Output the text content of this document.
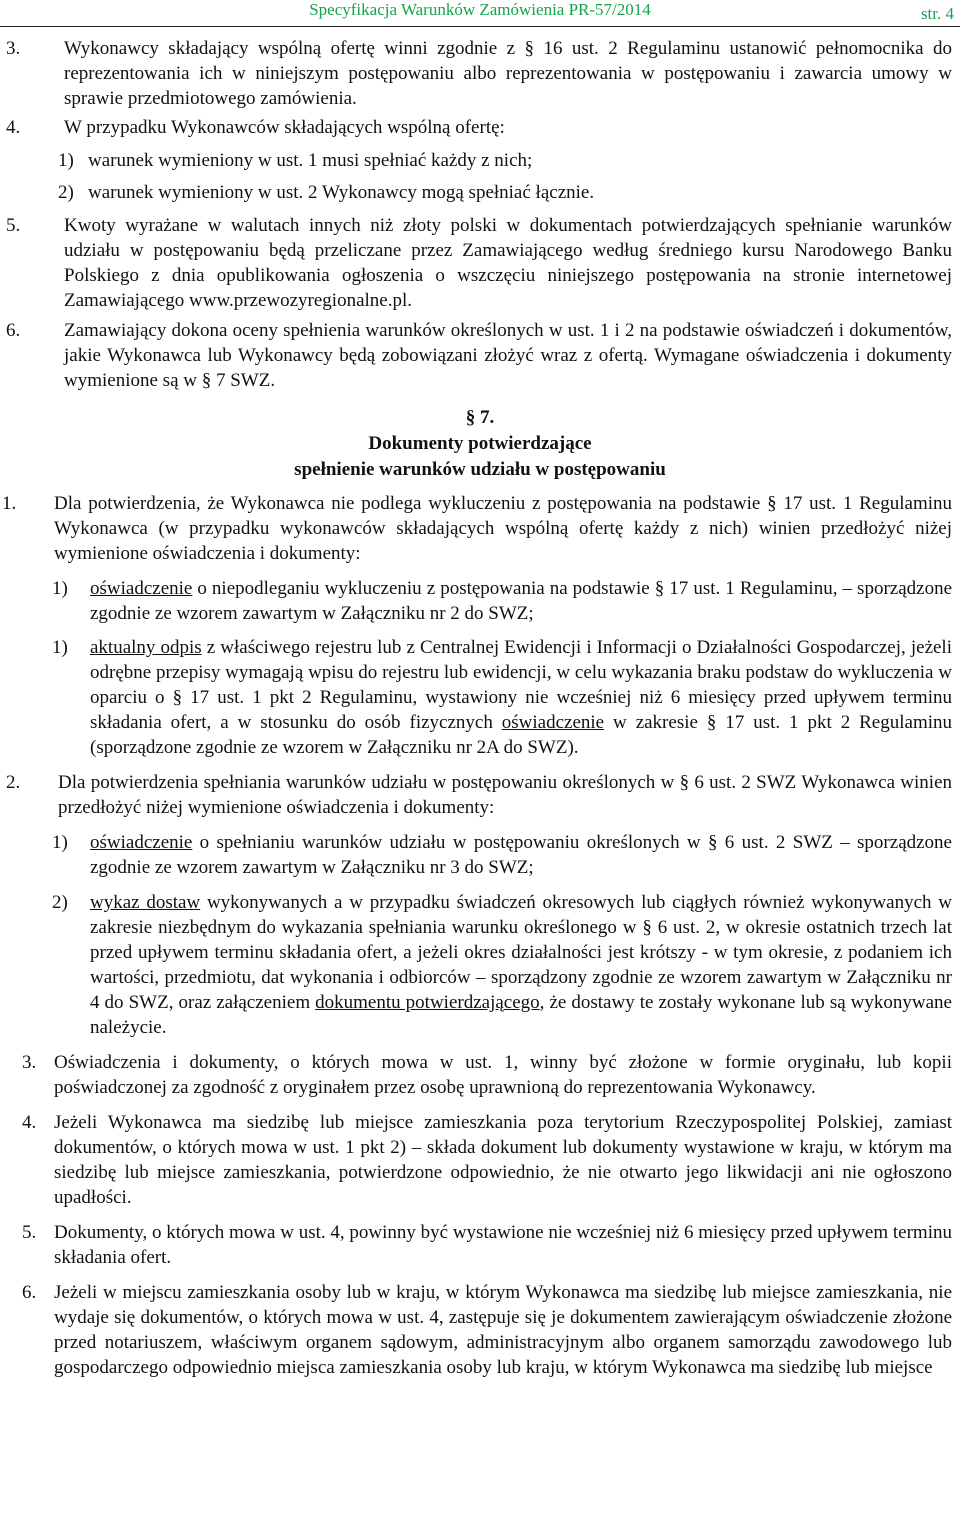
Specyfikacja Warunków Zamówienia PR-57/2014	str. 4
3. Wykonawcy składający wspólną ofertę winni zgodnie z § 16 ust. 2 Regulaminu ustanowić pełnomocnika do reprezentowania ich w niniejszym postępowaniu albo reprezentowania w postępowaniu i zawarcia umowy w sprawie przedmiotowego zamówienia.
4. W przypadku Wykonawców składających wspólną ofertę:
1) warunek wymieniony w ust. 1 musi spełniać każdy z nich;
2) warunek wymieniony w ust. 2 Wykonawcy mogą spełniać łącznie.
5. Kwoty wyrażane w walutach innych niż złoty polski w dokumentach potwierdzających spełnianie warunków udziału w postępowaniu będą przeliczane przez Zamawiającego według średniego kursu Narodowego Banku Polskiego z dnia opublikowania ogłoszenia o wszczęciu niniejszego postępowania na stronie internetowej Zamawiającego www.przewozyregionalne.pl.
6. Zamawiający dokona oceny spełnienia warunków określonych w ust. 1 i 2 na podstawie oświadczeń i dokumentów, jakie Wykonawca lub Wykonawcy będą zobowiązani złożyć wraz z ofertą. Wymagane oświadczenia i dokumenty wymienione są w § 7 SWZ.
§ 7.
Dokumenty potwierdzające
spełnienie warunków udziału w postępowaniu
1. Dla potwierdzenia, że Wykonawca nie podlega wykluczeniu z postępowania na podstawie § 17 ust. 1 Regulaminu Wykonawca (w przypadku wykonawców składających wspólną ofertę każdy z nich) winien przedłożyć niżej wymienione oświadczenia i dokumenty:
1) oświadczenie o niepodleganiu wykluczeniu z postępowania na podstawie § 17 ust. 1 Regulaminu, – sporządzone zgodnie ze wzorem zawartym w Załączniku nr 2 do SWZ;
1) aktualny odpis z właściwego rejestru lub z Centralnej Ewidencji i Informacji o Działalności Gospodarczej, jeżeli odrębne przepisy wymagają wpisu do rejestru lub ewidencji, w celu wykazania braku podstaw do wykluczenia w oparciu o § 17 ust. 1 pkt 2 Regulaminu, wystawiony nie wcześniej niż 6 miesięcy przed upływem terminu składania ofert, a w stosunku do osób fizycznych oświadczenie w zakresie § 17 ust. 1 pkt 2 Regulaminu (sporządzone zgodnie ze wzorem w Załączniku nr 2A do SWZ).
2. Dla potwierdzenia spełniania warunków udziału w postępowaniu określonych w § 6 ust. 2 SWZ Wykonawca winien przedłożyć niżej wymienione oświadczenia i dokumenty:
1) oświadczenie o spełnianiu warunków udziału w postępowaniu określonych w § 6 ust. 2 SWZ – sporządzone zgodnie ze wzorem zawartym w Załączniku nr 3 do SWZ;
2) wykaz dostaw wykonywanych a w przypadku świadczeń okresowych lub ciągłych również wykonywanych w zakresie niezbędnym do wykazania spełniania warunku określonego w § 6 ust. 2, w okresie ostatnich trzech lat przed upływem terminu składania ofert, a jeżeli okres działalności jest krótszy - w tym okresie, z podaniem ich wartości, przedmiotu, dat wykonania i odbiorców – sporządzony zgodnie ze wzorem zawartym w Załączniku nr 4 do SWZ, oraz załączeniem dokumentu potwierdzającego, że dostawy te zostały wykonane lub są wykonywane należycie.
3. Oświadczenia i dokumenty, o których mowa w ust. 1, winny być złożone w formie oryginału, lub kopii poświadczonej za zgodność z oryginałem przez osobę uprawnioną do reprezentowania Wykonawcy.
4. Jeżeli Wykonawca ma siedzibę lub miejsce zamieszkania poza terytorium Rzeczypospolitej Polskiej, zamiast dokumentów, o których mowa w ust. 1 pkt 2) – składa dokument lub dokumenty wystawione w kraju, w którym ma siedzibę lub miejsce zamieszkania, potwierdzone odpowiednio, że nie otwarto jego likwidacji ani nie ogłoszono upadłości.
5. Dokumenty, o których mowa w ust. 4, powinny być wystawione nie wcześniej niż 6 miesięcy przed upływem terminu składania ofert.
6. Jeżeli w miejscu zamieszkania osoby lub w kraju, w którym Wykonawca ma siedzibę lub miejsce zamieszkania, nie wydaje się dokumentów, o których mowa w ust. 4, zastępuje się je dokumentem zawierającym oświadczenie złożone przed notariuszem, właściwym organem sądowym, administracyjnym albo organem samorządu zawodowego lub gospodarczego odpowiednio miejsca zamieszkania osoby lub kraju, w którym Wykonawca ma siedzibę lub miejsce
